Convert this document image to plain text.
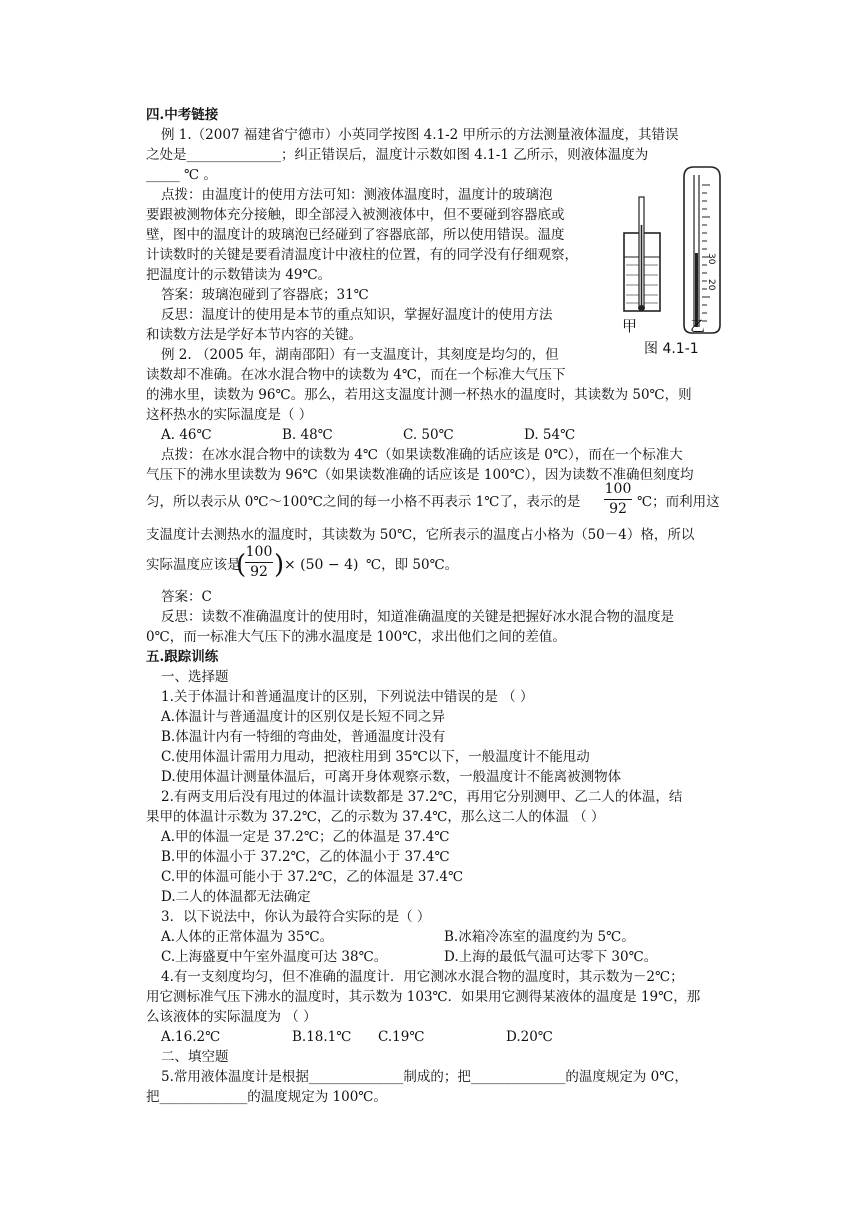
四.中考链接
例 1.（2007 福建省宁德市）小英同学按图 4.1-2 甲所示的方法测量液体温度，其错误
之处是______________；纠正错误后，温度计示数如图 4.1-1 乙所示，则液体温度为
_____ ℃ 。
点拨：由温度计的使用方法可知：测液体温度时，温度计的玻璃泡
要跟被测物体充分接触，即全部浸入被测液体中，但不要碰到容器底或
壁，图中的温度计的玻璃泡已经碰到了容器底部，所以使用错误。温度
计读数时的关键是要看清温度计中液柱的位置，有的同学没有仔细观察，
把温度计的示数错读为 49℃。
答案：玻璃泡碰到了容器底；31℃
反思：温度计的使用是本节的重点知识，掌握好温度计的使用方法
和读数方法是学好本节内容的关键。
30
20
甲	乙
图 4.1-1
例 2. （2005 年，湖南邵阳）有一支温度计，其刻度是均匀的，但
读数却不准确。在冰水混合物中的读数为 4℃，而在一个标准大气压下
的沸水里，读数为 96℃。那么，若用这支温度计测一杯热水的温度时，其读数为 50℃，则
这杯热水的实际温度是（ ）
A. 46℃	B. 48℃	C. 50℃	D. 54℃
点拨：在冰水混合物中的读数为 4℃（如果读数准确的话应该是 0℃），而在一个标准大
气压下的沸水里读数为 96℃（如果读数准确的话应该是 100℃），因为读数不准确但刻度均
匀，所以表示从 0℃～100℃之间的每一小格不再表示 1℃了，表示的是
100
92 ℃；而利用这
支温度计去测热水的温度时，其读数为 50℃，它所表示的温度占小格为（50－4）格，所以
实际温度应该是
( 100
92 ) × (50 − 4) ℃，即 50℃。
答案：C
反思：读数不准确温度计的使用时，知道准确温度的关键是把握好冰水混合物的温度是
0℃，而一标准大气压下的沸水温度是 100℃，求出他们之间的差值。
五.跟踪训练
一、选择题
1.关于体温计和普通温度计的区别，下列说法中错误的是 （ ）
A.体温计与普通温度计的区别仅是长短不同之异
B.体温计内有一特细的弯曲处，普通温度计没有
C.使用体温计需用力甩动，把液柱用到 35℃以下，一般温度计不能甩动
D.使用体温计测量体温后，可离开身体观察示数，一般温度计不能离被测物体
2.有两支用后没有甩过的体温计读数都是 37.2℃，再用它分别测甲、乙二人的体温，结
果甲的体温计示数为 37.2℃，乙的示数为 37.4℃，那么这二人的体温 （ ）
A.甲的体温一定是 37.2℃；乙的体温是 37.4℃
B.甲的体温小于 37.2℃，乙的体温小于 37.4℃
C.甲的体温可能小于 37.2℃，乙的体温是 37.4℃
D.二人的体温都无法确定
3．以下说法中，你认为最符合实际的是（ ）
A.人体的正常体温为 35℃。	B.冰箱冷冻室的温度约为 5℃。
C.上海盛夏中午室外温度可达 38℃。	D.上海的最低气温可达零下 30℃。
4.有一支刻度均匀，但不准确的温度计．用它测冰水混合物的温度时，其示数为－2℃；
用它测标准气压下沸水的温度时，其示数为 103℃．如果用它测得某液体的温度是 19℃，那
么该液体的实际温度为 （ ）
A.16.2℃	B.18.1℃ C.19℃	D.20℃
二、填空题
5.常用液体温度计是根据______________制成的；把______________的温度规定为 0℃，
把_____________的温度规定为 100℃。
